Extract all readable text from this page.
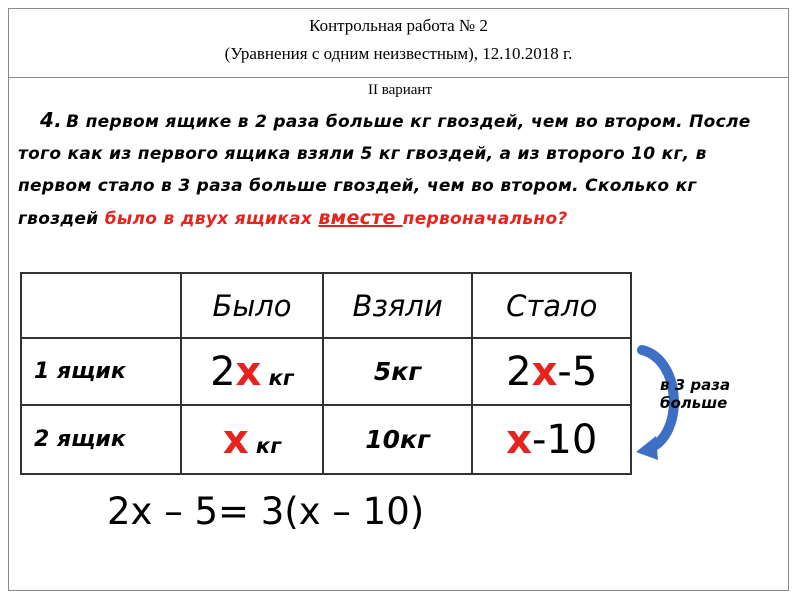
Контрольная работа № 2
(Уравнения с одним неизвестным), 12.10.2018 г.
II вариант
4. В первом ящике в 2 раза больше кг гвоздей, чем во втором. После того как из первого ящика взяли 5 кг гвоздей, а из второго 10 кг, в первом стало в 3 раза больше гвоздей, чем во втором. Сколько кг гвоздей было в двух ящиках вместе первоначально?
	Было	Взяли	Стало
1 ящик	2x кг	5кг	2x-5
2 ящик	x кг	10кг	x-10
в 3 раза
больше
2x – 5= 3(x – 10)
